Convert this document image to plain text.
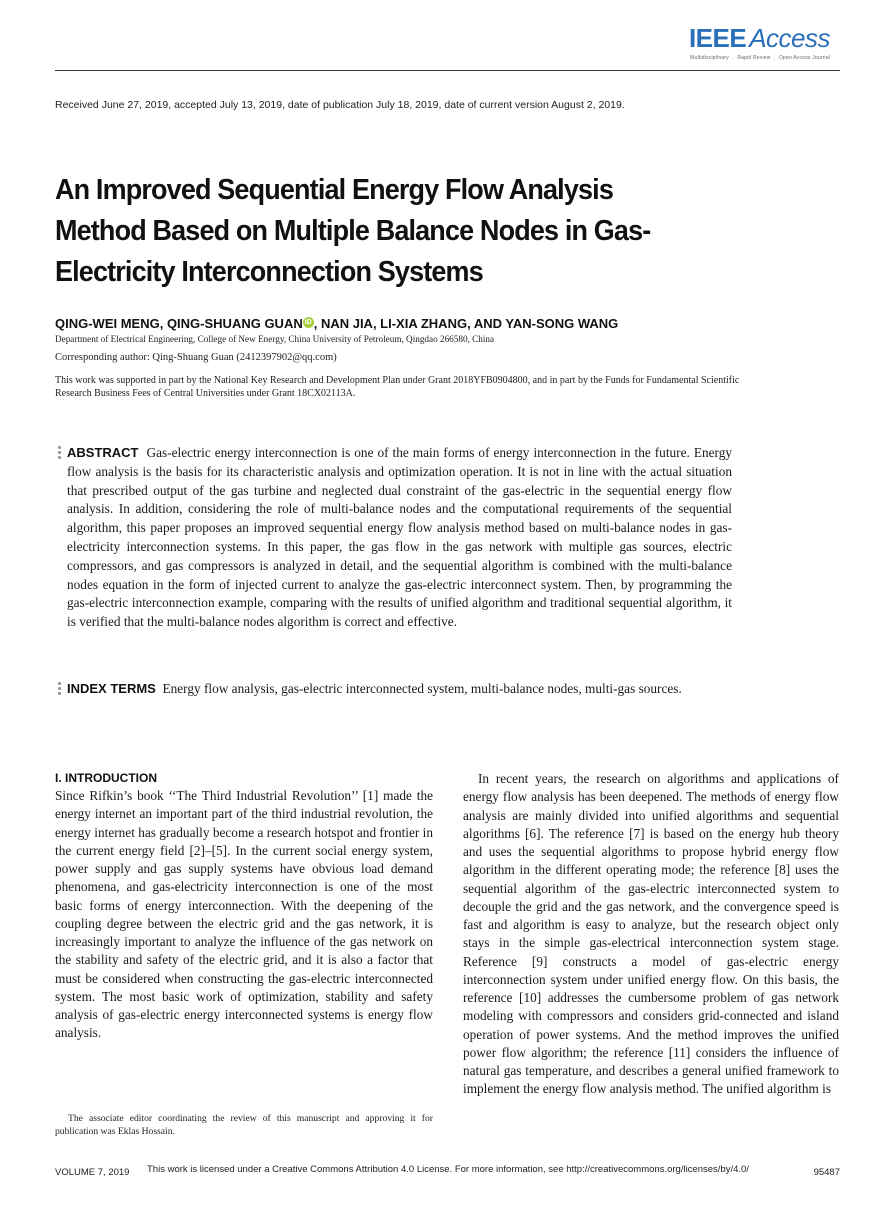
IEEE Access
Multidisciplinary ⋮ Rapid Review ⋮ Open Access Journal
Received June 27, 2019, accepted July 13, 2019, date of publication July 18, 2019, date of current version August 2, 2019.
An Improved Sequential Energy Flow Analysis Method Based on Multiple Balance Nodes in Gas-Electricity Interconnection Systems
QING-WEI MENG, QING-SHUANG GUAN iD , NAN JIA, LI-XIA ZHANG, AND YAN-SONG WANG
Department of Electrical Engineering, College of New Energy, China University of Petroleum, Qingdao 266580, China
Corresponding author: Qing-Shuang Guan (2412397902@qq.com)
This work was supported in part by the National Key Research and Development Plan under Grant 2018YFB0904800, and in part by the Funds for Fundamental Scientific Research Business Fees of Central Universities under Grant 18CX02113A.
ABSTRACT Gas-electric energy interconnection is one of the main forms of energy interconnection in the future. Energy flow analysis is the basis for its characteristic analysis and optimization operation. It is not in line with the actual situation that prescribed output of the gas turbine and neglected dual constraint of the gas-electric in the sequential energy flow analysis. In addition, considering the role of multi-balance nodes and the computational requirements of the sequential algorithm, this paper proposes an improved sequential energy flow analysis method based on multi-balance nodes in gas-electricity interconnection systems. In this paper, the gas flow in the gas network with multiple gas sources, electric compressors, and gas compressors is analyzed in detail, and the sequential algorithm is combined with the multi-balance nodes equation in the form of injected current to analyze the gas-electric interconnect system. Then, by programming the gas-electric interconnection example, comparing with the results of unified algorithm and traditional sequential algorithm, it is verified that the multi-balance nodes algorithm is correct and effective.
INDEX TERMS Energy flow analysis, gas-electric interconnected system, multi-balance nodes, multi-gas sources.
I. INTRODUCTION

Since Rifkin’s book ‘‘The Third Industrial Revolution’’ [1] made the energy internet an important part of the third industrial revolution, the energy internet has gradually become a research hotspot and frontier in the current energy field [2]–[5]. In the current social energy system, power supply and gas supply systems have obvious load demand phenomena, and gas-electricity interconnection is one of the most basic forms of energy interconnection. With the deepening of the coupling degree between the electric grid and the gas network, it is increasingly important to analyze the influence of the gas network on the stability and safety of the electric grid, and it is also a factor that must be considered when constructing the gas-electric interconnected system. The most basic work of optimization, stability and safety analysis of gas-electric energy interconnected systems is energy flow analysis.

In recent years, the research on algorithms and applications of energy flow analysis has been deepened. The methods of energy flow analysis are mainly divided into unified algorithms and sequential algorithms [6]. The reference [7] is based on the energy hub theory and uses the sequential algorithms to propose hybrid energy flow algorithm in the different operating mode; the reference [8] uses the sequential algorithm of the gas-electric interconnected system to decouple the grid and the gas network, and the convergence speed is fast and algorithm is easy to analyze, but the research object only stays in the simple gas-electrical interconnection system stage. Reference [9] constructs a model of gas-electric energy interconnection system under unified energy flow. On this basis, the reference [10] addresses the cumbersome problem of gas network modeling with compressors and considers grid-connected and island operation of power systems. And the method improves the unified power flow algorithm; the reference [11] considers the influence of natural gas temperature, and describes a general unified framework to implement the energy flow analysis method. The unified algorithm is

The associate editor coordinating the review of this manuscript and approving it for publication was Eklas Hossain.
VOLUME 7, 2019 This work is licensed under a Creative Commons Attribution 4.0 License. For more information, see http://creativecommons.org/licenses/by/4.0/	95487
